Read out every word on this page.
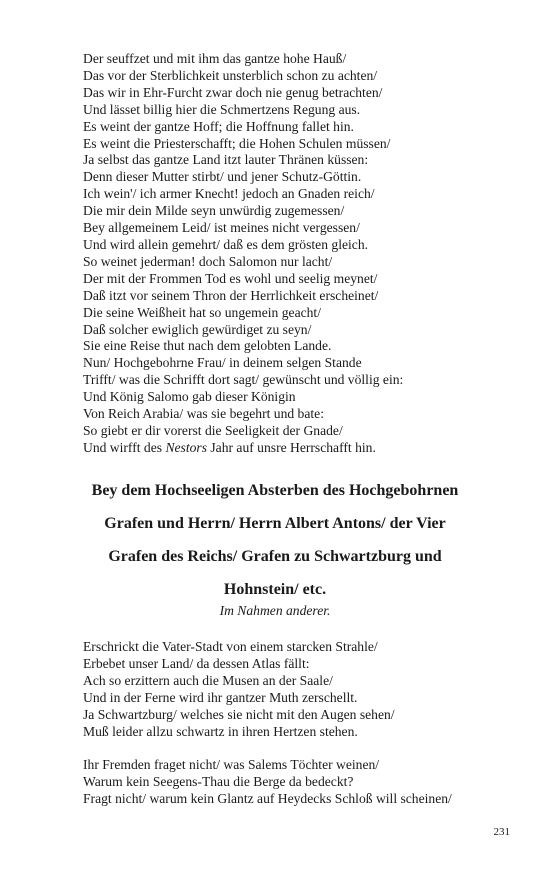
Der seuffzet und mit ihm das gantze hohe Hauß/
Das vor der Sterblichkeit unsterblich schon zu achten/
Das wir in Ehr-Furcht zwar doch nie genug betrachten/
Und lässet billig hier die Schmertzens Regung aus.
Es weint der gantze Hoff; die Hoffnung fallet hin.
Es weint die Priesterschafft; die Hohen Schulen müssen/
Ja selbst das gantze Land itzt lauter Thränen küssen:
Denn dieser Mutter stirbt/ und jener Schutz-Göttin.
Ich wein'/ ich armer Knecht! jedoch an Gnaden reich/
Die mir dein Milde seyn unwürdig zugemessen/
Bey allgemeinem Leid/ ist meines nicht vergessen/
Und wird allein gemehrt/ daß es dem grösten gleich.
So weinet jederman! doch Salomon nur lacht/
Der mit der Frommen Tod es wohl und seelig meynet/
Daß itzt vor seinem Thron der Herrlichkeit erscheinet/
Die seine Weißheit hat so ungemein geacht/
Daß solcher ewiglich gewürdiget zu seyn/
Sie eine Reise thut nach dem gelobten Lande.
Nun/ Hochgebohrne Frau/ in deinem selgen Stande
Trifft/ was die Schrifft dort sagt/ gewünscht und völlig ein:
Und König Salomo gab dieser Königin
Von Reich Arabia/ was sie begehrt und bate:
So giebt er dir vorerst die Seeligkeit der Gnade/
Und wirfft des Nestors Jahr auf unsre Herrschafft hin.
Bey dem Hochseeligen Absterben des Hochgebohrnen
Grafen und Herrn/ Herrn Albert Antons/ der Vier
Grafen des Reichs/ Grafen zu Schwartzburg und
Hohnstein/ etc.
Im Nahmen anderer.
Erschrickt die Vater-Stadt von einem starcken Strahle/
Erbebet unser Land/ da dessen Atlas fällt:
Ach so erzittern auch die Musen an der Saale/
Und in der Ferne wird ihr gantzer Muth zerschellt.
Ja Schwartzburg/ welches sie nicht mit den Augen sehen/
Muß leider allzu schwartz in ihren Hertzen stehen.
Ihr Fremden fraget nicht/ was Salems Töchter weinen/
Warum kein Seegens-Thau die Berge da bedeckt?
Fragt nicht/ warum kein Glantz auf Heydecks Schloß will scheinen/
231
